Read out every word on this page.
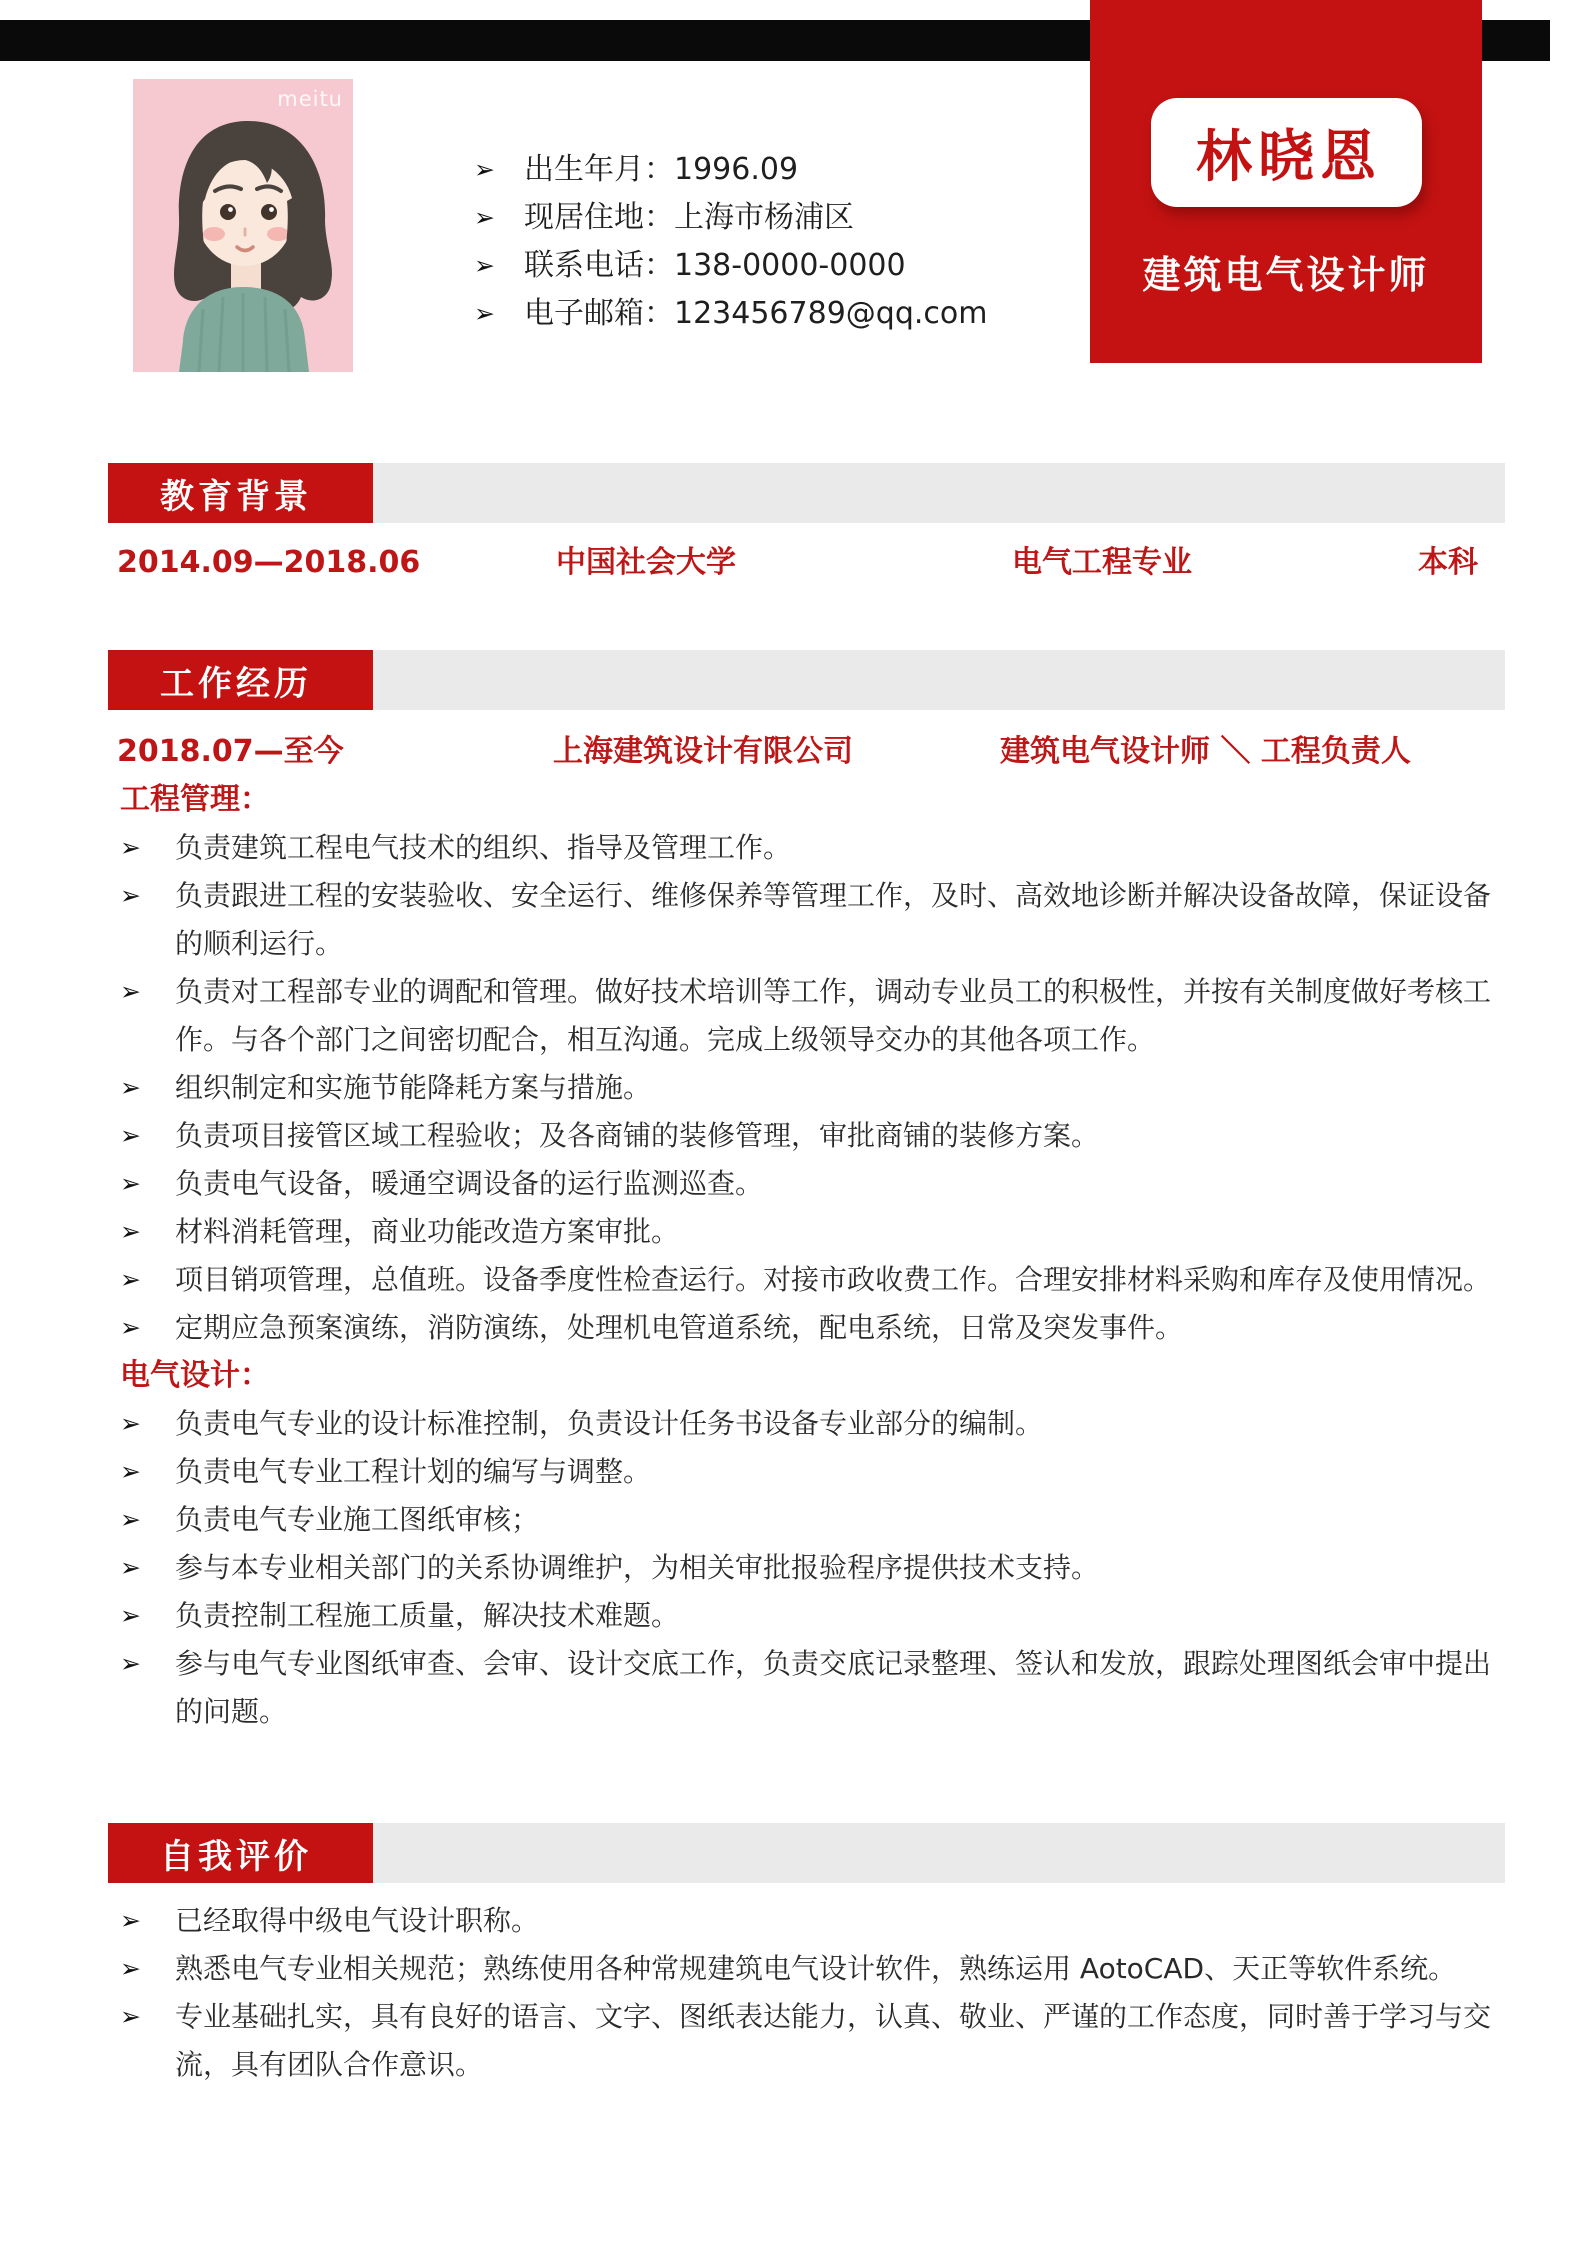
林晓恩
建筑电气设计师
meitu
➢ 出生年月： 1996.09
➢ 现居住地： 上海市杨浦区
➢ 联系电话： 138-0000-0000
➢ 电子邮箱： 123456789@qq.com
教育背景
2014.09—2018.06	中国社会大学	电气工程专业	本科
工作经历
2018.07—至今	上海建筑设计有限公司	建筑电气设计师 ＼ 工程负责人
工程管理：
➢	负责建筑工程电气技术的组织、指导及管理工作。
➢	负责跟进工程的安装验收、安全运行、维修保养等管理工作，及时、高效地诊断并解决设备故障，保证设备的顺利运行。
➢	负责对工程部专业的调配和管理。做好技术培训等工作，调动专业员工的积极性，并按有关制度做好考核工作。与各个部门之间密切配合，相互沟通。完成上级领导交办的其他各项工作。
➢	组织制定和实施节能降耗方案与措施。
➢	负责项目接管区域工程验收；及各商铺的装修管理，审批商铺的装修方案。
➢	负责电气设备，暖通空调设备的运行监测巡查。
➢	材料消耗管理，商业功能改造方案审批。
➢	项目销项管理，总值班。设备季度性检查运行。对接市政收费工作。合理安排材料采购和库存及使用情况。
➢	定期应急预案演练，消防演练，处理机电管道系统，配电系统，日常及突发事件。
电气设计：
➢	负责电气专业的设计标准控制，负责设计任务书设备专业部分的编制。
➢	负责电气专业工程计划的编写与调整。
➢	负责电气专业施工图纸审核；
➢	参与本专业相关部门的关系协调维护，为相关审批报验程序提供技术支持。
➢	负责控制工程施工质量，解决技术难题。
➢	参与电气专业图纸审查、会审、设计交底工作，负责交底记录整理、签认和发放，跟踪处理图纸会审中提出的问题。
自我评价
➢	已经取得中级电气设计职称。
➢	熟悉电气专业相关规范；熟练使用各种常规建筑电气设计软件，熟练运用 AotoCAD、天正等软件系统。
➢	专业基础扎实，具有良好的语言、文字、图纸表达能力，认真、敬业、严谨的工作态度，同时善于学习与交流，具有团队合作意识。
